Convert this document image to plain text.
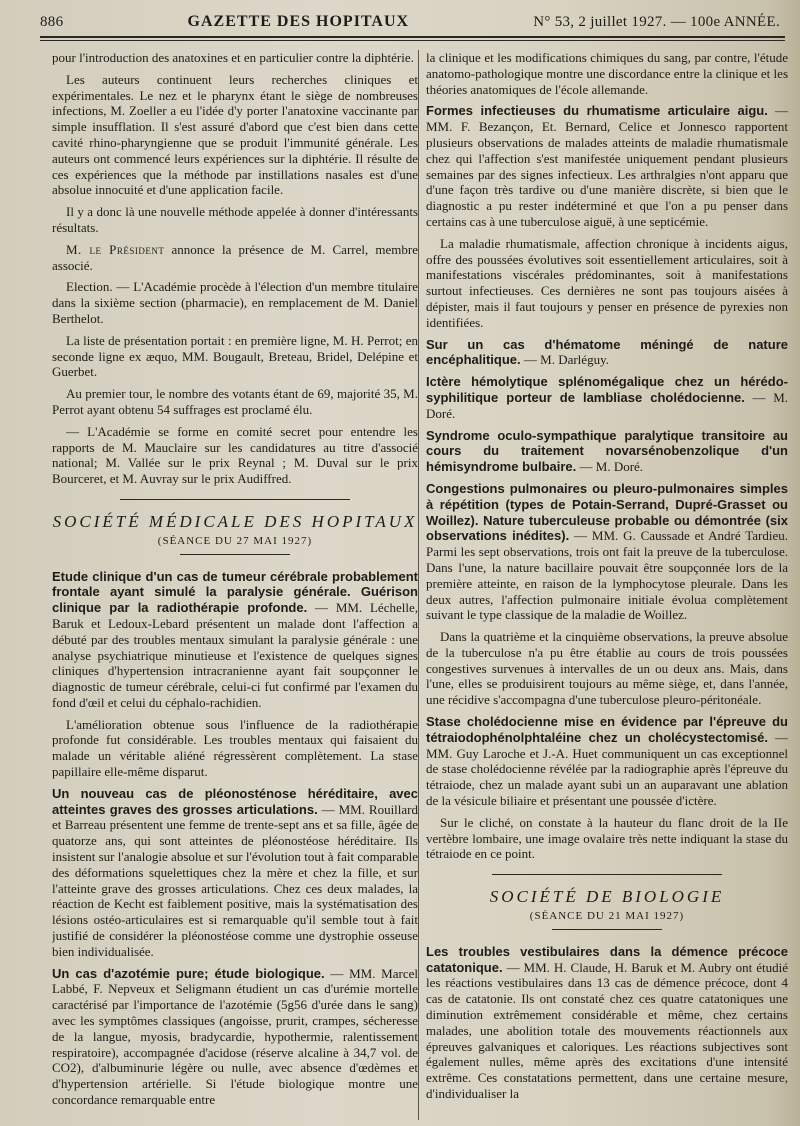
886	GAZETTE DES HOPITAUX	N° 53, 2 juillet 1927. — 100e ANNÉE.

pour l'introduction des anatoxines et en particulier contre la diphtérie.

Les auteurs continuent leurs recherches cliniques et expérimentales. Le nez et le pharynx étant le siège de nombreuses infections, M. Zoeller a eu l'idée d'y porter l'anatoxine vaccinante par simple insufflation. Il s'est assuré d'abord que c'est bien dans cette cavité rhino-pharyngienne que se produit l'immunité générale. Les auteurs ont commencé leurs expériences sur la diphtérie. Il résulte de ces expériences que la méthode par instillations nasales est d'une absolue innocuité et d'une application facile.

Il y a donc là une nouvelle méthode appelée à donner d'intéressants résultats.

M. le Président annonce la présence de M. Carrel, membre associé.

Election. — L'Académie procède à l'élection d'un membre titulaire dans la sixième section (pharmacie), en remplacement de M. Daniel Berthelot.

La liste de présentation portait : en première ligne, M. H. Perrot; en seconde ligne ex æquo, MM. Bougault, Breteau, Bridel, Delépine et Guerbet.

Au premier tour, le nombre des votants étant de 69, majorité 35, M. Perrot ayant obtenu 54 suffrages est proclamé élu.

— L'Académie se forme en comité secret pour entendre les rapports de M. Mauclaire sur les candidatures au titre d'associé national; M. Vallée sur le prix Reynal ; M. Duval sur le prix Bourceret, et M. Auvray sur le prix Audiffred.

SOCIÉTÉ MÉDICALE DES HOPITAUX
(SÉANCE DU 27 MAI 1927)

Etude clinique d'un cas de tumeur cérébrale probablement frontale ayant simulé la paralysie générale. Guérison clinique par la radiothérapie profonde. — MM. Léchelle, Baruk et Ledoux-Lebard présentent un malade dont l'affection a débuté par des troubles mentaux simulant la paralysie générale : une analyse psychiatrique minutieuse et l'existence de quelques signes cliniques d'hypertension intracranienne ayant fait soupçonner le diagnostic de tumeur cérébrale, celui-ci fut confirmé par l'examen du fond d'œil et celui du céphalo-rachidien.

L'amélioration obtenue sous l'influence de la radiothérapie profonde fut considérable. Les troubles mentaux qui faisaient du malade un véritable aliéné régressèrent complètement. La stase papillaire elle-même disparut.

Un nouveau cas de pléonosténose héréditaire, avec atteintes graves des grosses articulations. — MM. Rouillard et Barreau présentent une femme de trente-sept ans et sa fille, âgée de quatorze ans, qui sont atteintes de pléonostéose héréditaire. Ils insistent sur l'analogie absolue et sur l'évolution tout à fait comparable des déformations squelettiques chez la mère et chez la fille, et sur l'atteinte grave des grosses articulations. Chez ces deux malades, la réaction de Kecht est faiblement positive, mais la systématisation des lésions ostéo-articulaires est si remarquable qu'il semble tout à fait justifié de considérer la pléonostéose comme une dystrophie osseuse bien individualisée.

Un cas d'azotémie pure; étude biologique. — MM. Marcel Labbé, F. Nepveux et Seligmann étudient un cas d'urémie mortelle caractérisé par l'importance de l'azotémie (5g56 d'urée dans le sang) avec les symptômes classiques (angoisse, prurit, crampes, sécheresse de la langue, myosis, bradycardie, hypothermie, ralentissement respiratoire), accompagnée d'acidose (réserve alcaline à 34,7 vol. de CO2), d'albuminurie légère ou nulle, avec absence d'œdèmes et d'hypertension artérielle. Si l'étude biologique montre une concordance remarquable entre

la clinique et les modifications chimiques du sang, par contre, l'étude anatomo-pathologique montre une discordance entre la clinique et les théories anatomiques de l'école allemande.

Formes infectieuses du rhumatisme articulaire aigu. — MM. F. Bezançon, Et. Bernard, Celice et Jonnesco rapportent plusieurs observations de malades atteints de maladie rhumatismale chez qui l'affection s'est manifestée uniquement pendant plusieurs semaines par des signes infectieux. Les arthralgies n'ont apparu que d'une façon très tardive ou d'une manière discrète, si bien que le diagnostic a pu rester indéterminé et que l'on a pu penser dans certains cas à une tuberculose aiguë, à une septicémie.

La maladie rhumatismale, affection chronique à incidents aigus, offre des poussées évolutives soit essentiellement articulaires, soit à manifestations viscérales prédominantes, soit à manifestations surtout infectieuses. Ces dernières ne sont pas toujours aisées à dépister, mais il faut toujours y penser en présence de pyrexies non identifiées.

Sur un cas d'hématome méningé de nature encéphalitique. — M. Darléguy.

Ictère hémolytique splénomégalique chez un hérédo-syphilitique porteur de lambliase cholédocienne. — M. Doré.

Syndrome oculo-sympathique paralytique transitoire au cours du traitement novarsénobenzolique d'un hémisyndrome bulbaire. — M. Doré.

Congestions pulmonaires ou pleuro-pulmonaires simples à répétition (types de Potain-Serrand, Dupré-Grasset ou Woillez). Nature tuberculeuse probable ou démontrée (six observations inédites). — MM. G. Caussade et André Tardieu. Parmi les sept observations, trois ont fait la preuve de la tuberculose. Dans l'une, la nature bacillaire pouvait être soupçonnée lors de la première atteinte, en raison de la lymphocytose pleurale. Dans les deux autres, l'affection pulmonaire initiale évolua complètement suivant le type classique de la maladie de Woillez.

Dans la quatrième et la cinquième observations, la preuve absolue de la tuberculose n'a pu être établie au cours de trois poussées congestives survenues à intervalles de un ou deux ans. Mais, dans l'une, elles se produisirent toujours au même siège, et, dans l'année, une récidive s'accompagna d'une tuberculose pleuro-péritonéale.

Stase cholédocienne mise en évidence par l'épreuve du tétraiodophénolphtaléine chez un cholécystectomisé. — MM. Guy Laroche et J.-A. Huet communiquent un cas exceptionnel de stase cholédocienne révélée par la radiographie après l'épreuve du tétraiode, chez un malade ayant subi un an auparavant une ablation de la vésicule biliaire et présentant une poussée d'ictère.

Sur le cliché, on constate à la hauteur du flanc droit de la IIe vertèbre lombaire, une image ovalaire très nette indiquant la stase du tétraiode en ce point.

SOCIÉTÉ DE BIOLOGIE
(SÉANCE DU 21 MAI 1927)

Les troubles vestibulaires dans la démence précoce catatonique. — MM. H. Claude, H. Baruk et M. Aubry ont étudié les réactions vestibulaires dans 13 cas de démence précoce, dont 4 cas de catatonie. Ils ont constaté chez ces quatre catatoniques une diminution extrêmement considérable et même, chez certains malades, une abolition totale des mouvements réactionnels aux épreuves galvaniques et caloriques. Les réactions subjectives sont également nulles, même après des excitations d'une intensité extrême. Ces constatations permettent, dans une certaine mesure, d'individualiser la
